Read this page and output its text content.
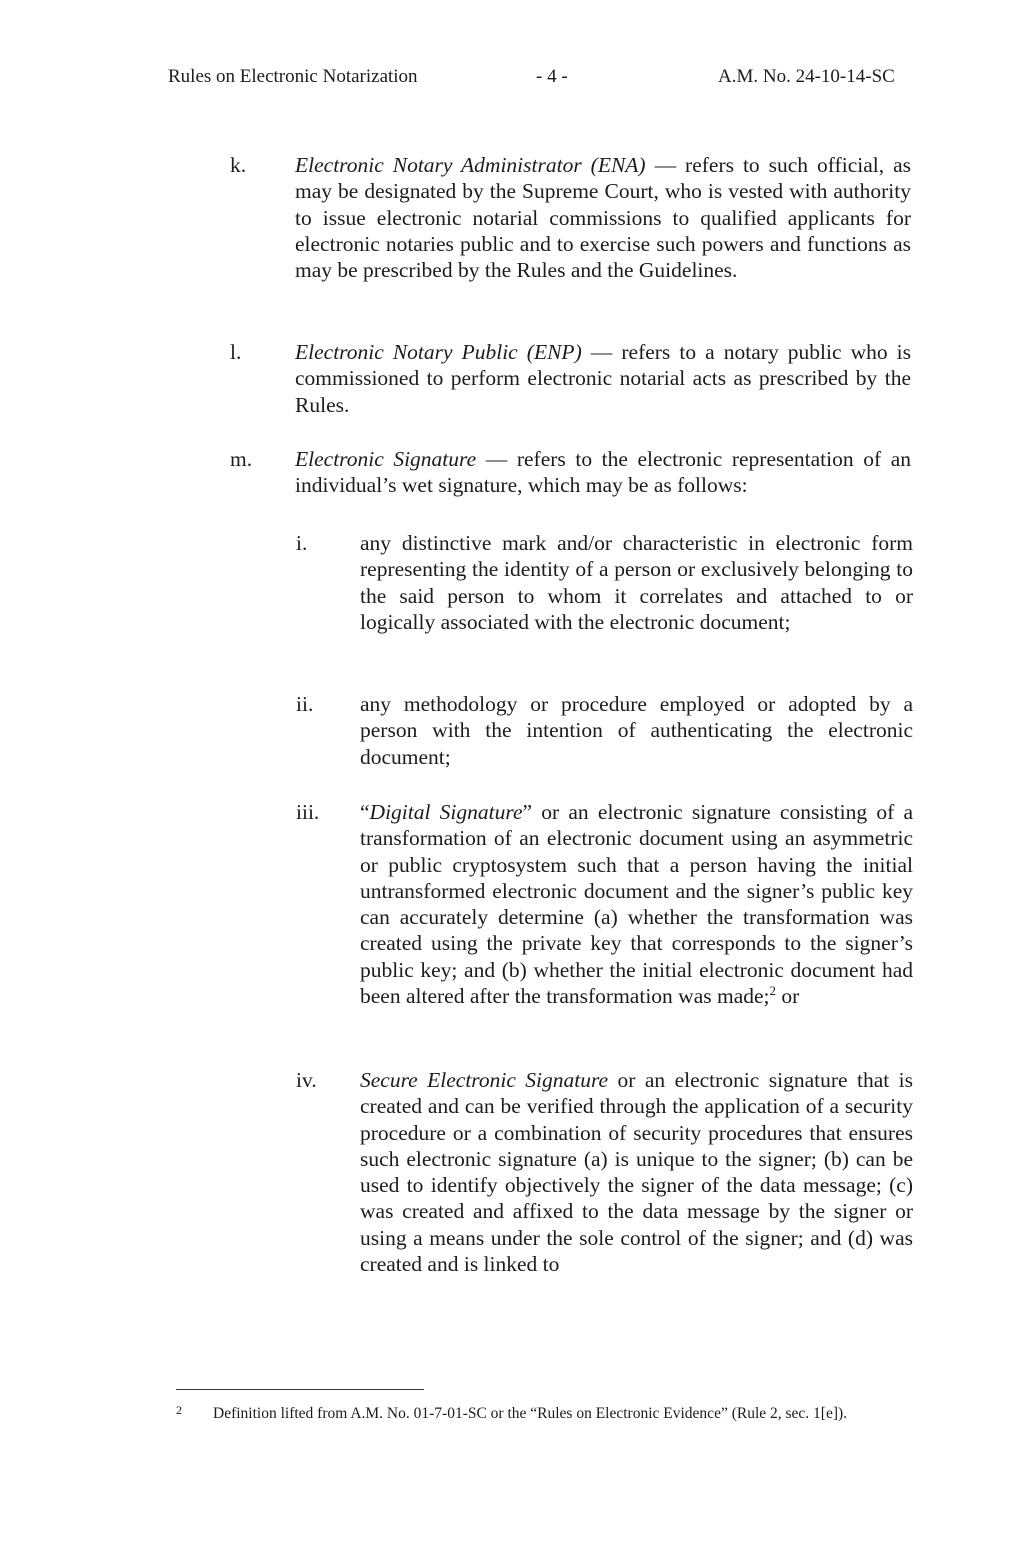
Rules on Electronic Notarization	- 4 -	A.M. No. 24-10-14-SC
k. Electronic Notary Administrator (ENA) — refers to such official, as may be designated by the Supreme Court, who is vested with authority to issue electronic notarial commissions to qualified applicants for electronic notaries public and to exercise such powers and functions as may be prescribed by the Rules and the Guidelines.
l. Electronic Notary Public (ENP) — refers to a notary public who is commissioned to perform electronic notarial acts as prescribed by the Rules.
m. Electronic Signature — refers to the electronic representation of an individual’s wet signature, which may be as follows:
i. any distinctive mark and/or characteristic in electronic form representing the identity of a person or exclusively belonging to the said person to whom it correlates and attached to or logically associated with the electronic document;
ii. any methodology or procedure employed or adopted by a person with the intention of authenticating the electronic document;
iii. “Digital Signature” or an electronic signature consisting of a transformation of an electronic document using an asymmetric or public cryptosystem such that a person having the initial untransformed electronic document and the signer’s public key can accurately determine (a) whether the transformation was created using the private key that corresponds to the signer’s public key; and (b) whether the initial electronic document had been altered after the transformation was made;$^2$ or
iv. Secure Electronic Signature or an electronic signature that is created and can be verified through the application of a security procedure or a combination of security procedures that ensures such electronic signature (a) is unique to the signer; (b) can be used to identify objectively the signer of the data message; (c) was created and affixed to the data message by the signer or using a means under the sole control of the signer; and (d) was created and is linked to
2 Definition lifted from A.M. No. 01-7-01-SC or the “Rules on Electronic Evidence” (Rule 2, sec. 1[e]).
